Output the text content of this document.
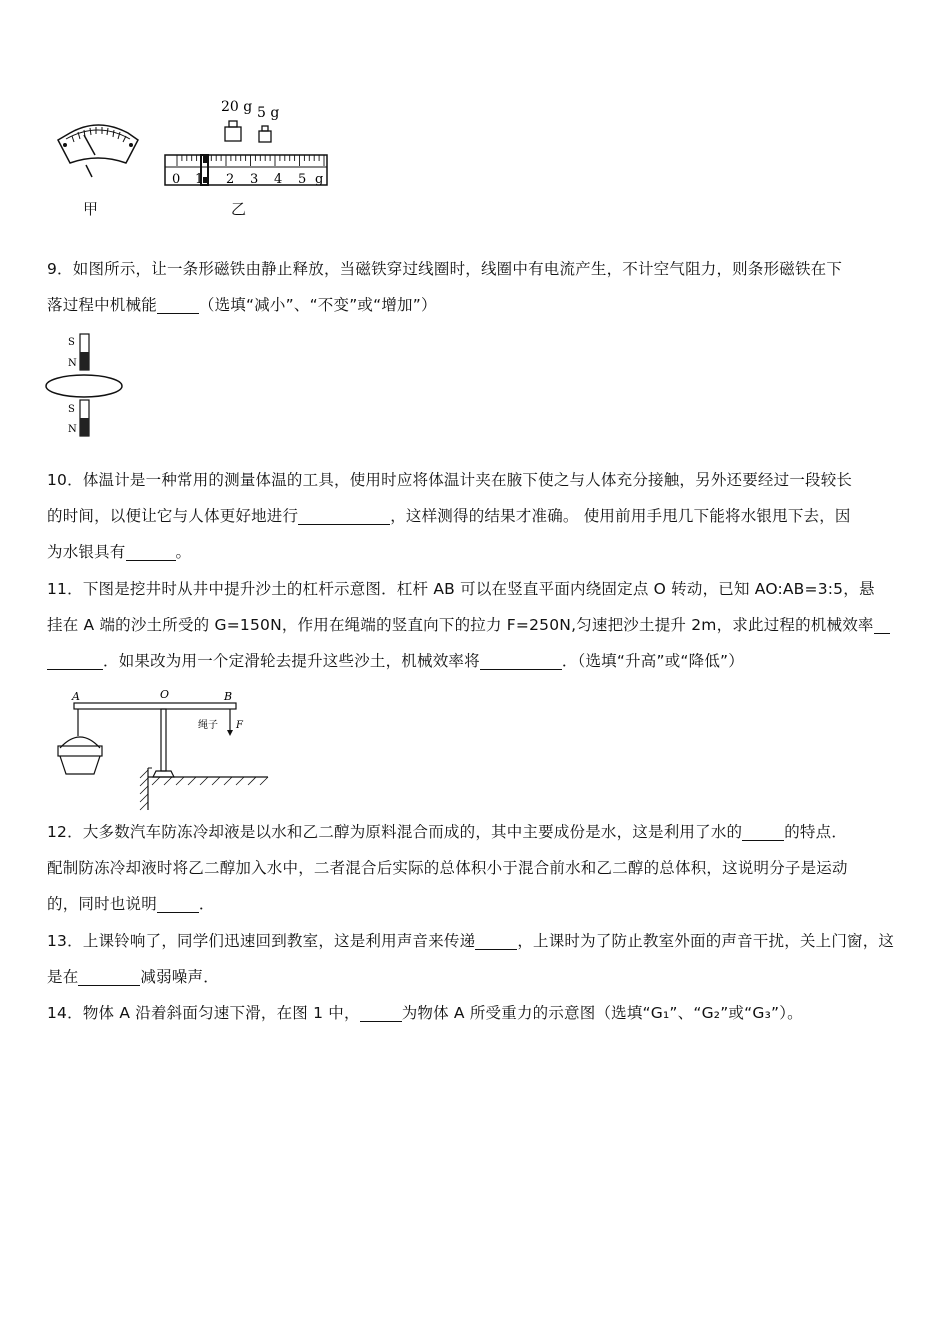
20 g 5 g
0 1 2 3 4 5 g
甲	乙

9．如图所示，让一条形磁铁由静止释放，当磁铁穿过线圈时，线圈中有电流产生，不计空气阻力，则条形磁铁在下

落过程中机械能	（选填“减小”、“不变”或“增加”）

S
N
S
N

10．体温计是一种常用的测量体温的工具，使用时应将体温计夹在腋下使之与人体充分接触，另外还要经过一段较长

的时间，以便让它与人体更好地进行	，这样测得的结果才准确。 使用前用手甩几下能将水银甩下去，因

为水银具有	。

11．下图是挖井时从井中提升沙土的杠杆示意图．杠杆 AB 可以在竖直平面内绕固定点 O 转动，已知 AO:AB=3:5，悬

挂在 A 端的沙土所受的 G=150N，作用在绳端的竖直向下的拉力 F=250N,匀速把沙土提升 2m，求此过程的机械效率

．如果改为用一个定滑轮去提升这些沙土，机械效率将	．（选填“升高”或“降低”）

A	O	B
绳子 F

12．大多数汽车防冻冷却液是以水和乙二醇为原料混合而成的，其中主要成份是水，这是利用了水的	的特点．

配制防冻冷却液时将乙二醇加入水中，二者混合后实际的总体积小于混合前水和乙二醇的总体积，这说明分子是运动

的，同时也说明	．

13．上课铃响了，同学们迅速回到教室，这是利用声音来传递	，上课时为了防止教室外面的声音干扰，关上门窗，这

是在	减弱噪声．

14．物体 A 沿着斜面匀速下滑，在图 1 中，	为物体 A 所受重力的示意图（选填“G₁”、“G₂”或“G₃”）。
